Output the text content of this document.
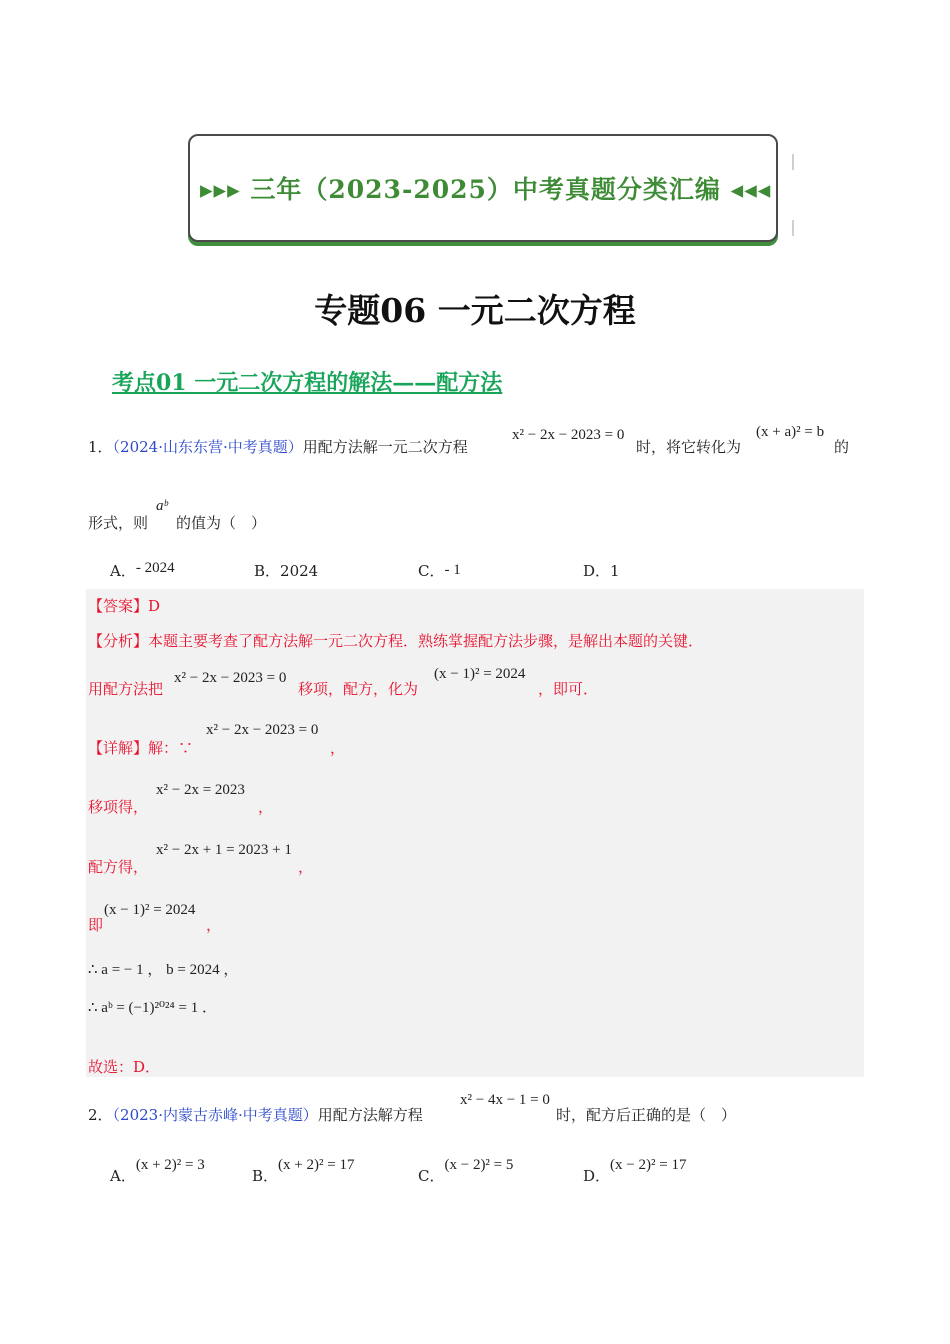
▸▸▸ 三年（2023-2025）中考真题分类汇编 ◂◂◂
专题06 一元二次方程
考点01 一元二次方程的解法——配方法
1．（2024·山东东营·中考真题）用配方法解一元二次方程
x² − 2x − 2023 = 0
时，将它转化为
(x + a)² = b
的
形式，则
aᵇ
的值为（　）
A．- 2024	B．2024	C．- 1	D．1
【答案】D
【分析】本题主要考查了配方法解一元二次方程．熟练掌握配方法步骤，是解出本题的关键．
用配方法把
x² − 2x − 2023 = 0
移项，配方，化为
(x − 1)² = 2024
，即可．
【详解】解：∵
x² − 2x − 2023 = 0
，
移项得，
x² − 2x = 2023
，
配方得，
x² − 2x + 1 = 2023 + 1
，
即
(x − 1)² = 2024
，
∴ a = − 1 ， b = 2024 ，
∴ aᵇ = (−1)²⁰²⁴ = 1 ．
故选：D．
2．（2023·内蒙古赤峰·中考真题）用配方法解方程
x² − 4x − 1 = 0
时，配方后正确的是（　）
A．(x + 2)² = 3
B．(x + 2)² = 17
C．(x − 2)² = 5
D．(x − 2)² = 17
